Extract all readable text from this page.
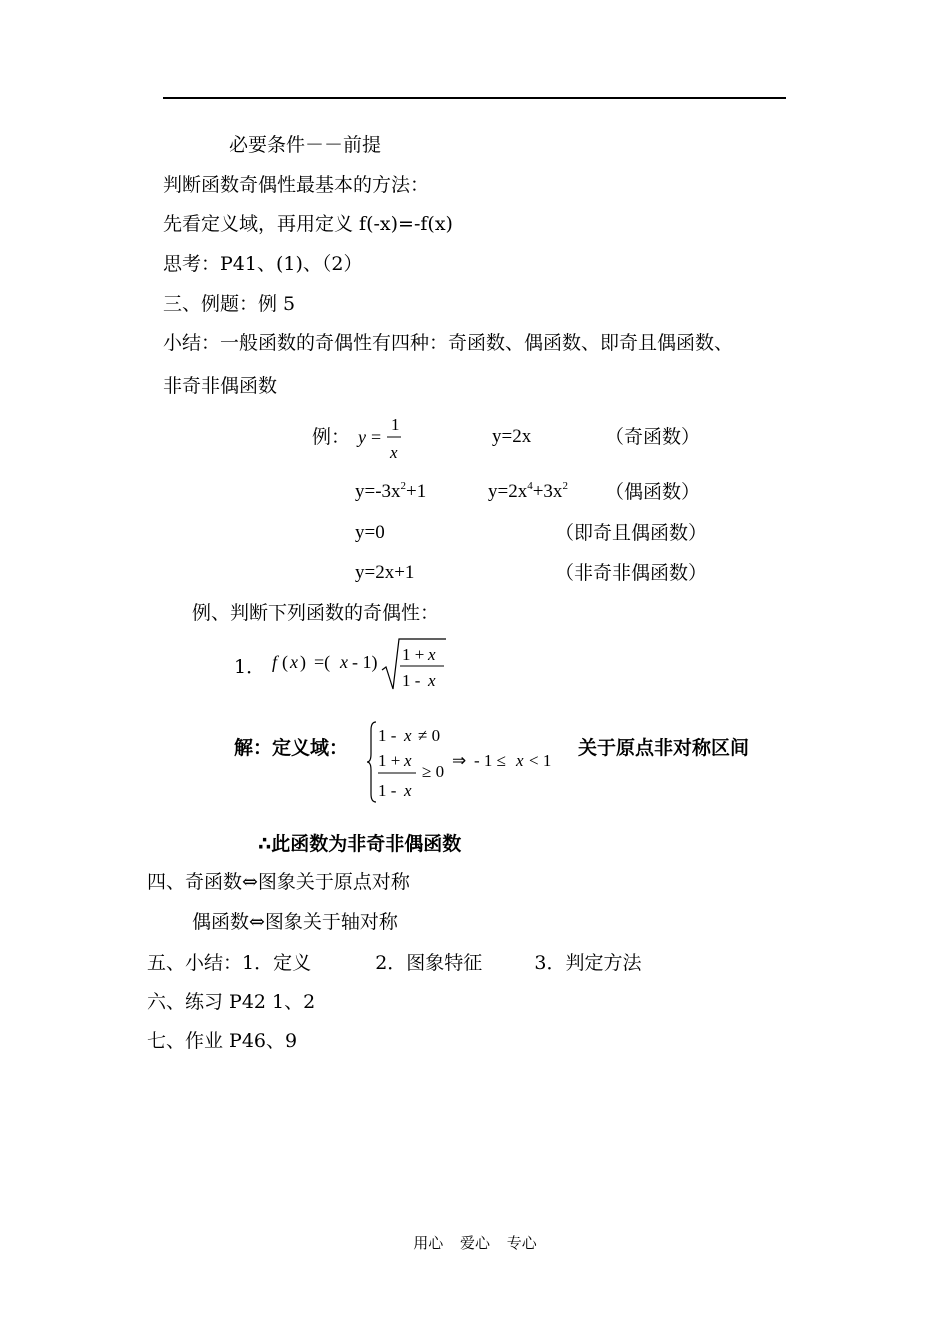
必要条件－－前提
判断函数奇偶性最基本的方法：
先看定义域，再用定义 f(-x)=-f(x)
思考：P41、(1)、（2）
三、例题：例 5
小结：一般函数的奇偶性有四种：奇函数、偶函数、即奇且偶函数、
非奇非偶函数
例： y =
1
x
y=2x	（奇函数）
$y=-3x^2+1$	$y=2x^4+3x^2$ （偶函数）
y=0	（即奇且偶函数）
y=2x+1	（非奇非偶函数）
例、判断下列函数的奇偶性：
1． f ( x ) =( x - 1) 1 + x
1 - x
解：定义域：
1 - x ≠ 0
1 + x
1 - x
≥ 0
⇒ - 1 ≤ x < 1
关于原点非对称区间
∴此函数为非奇非偶函数
四、奇函数⇔图象关于原点对称
偶函数⇔图象关于轴对称
五、小结：1．定义	2．图象特征	3．判定方法
六、练习 P42 1、2
七、作业 P46、9
用心 爱心 专心
